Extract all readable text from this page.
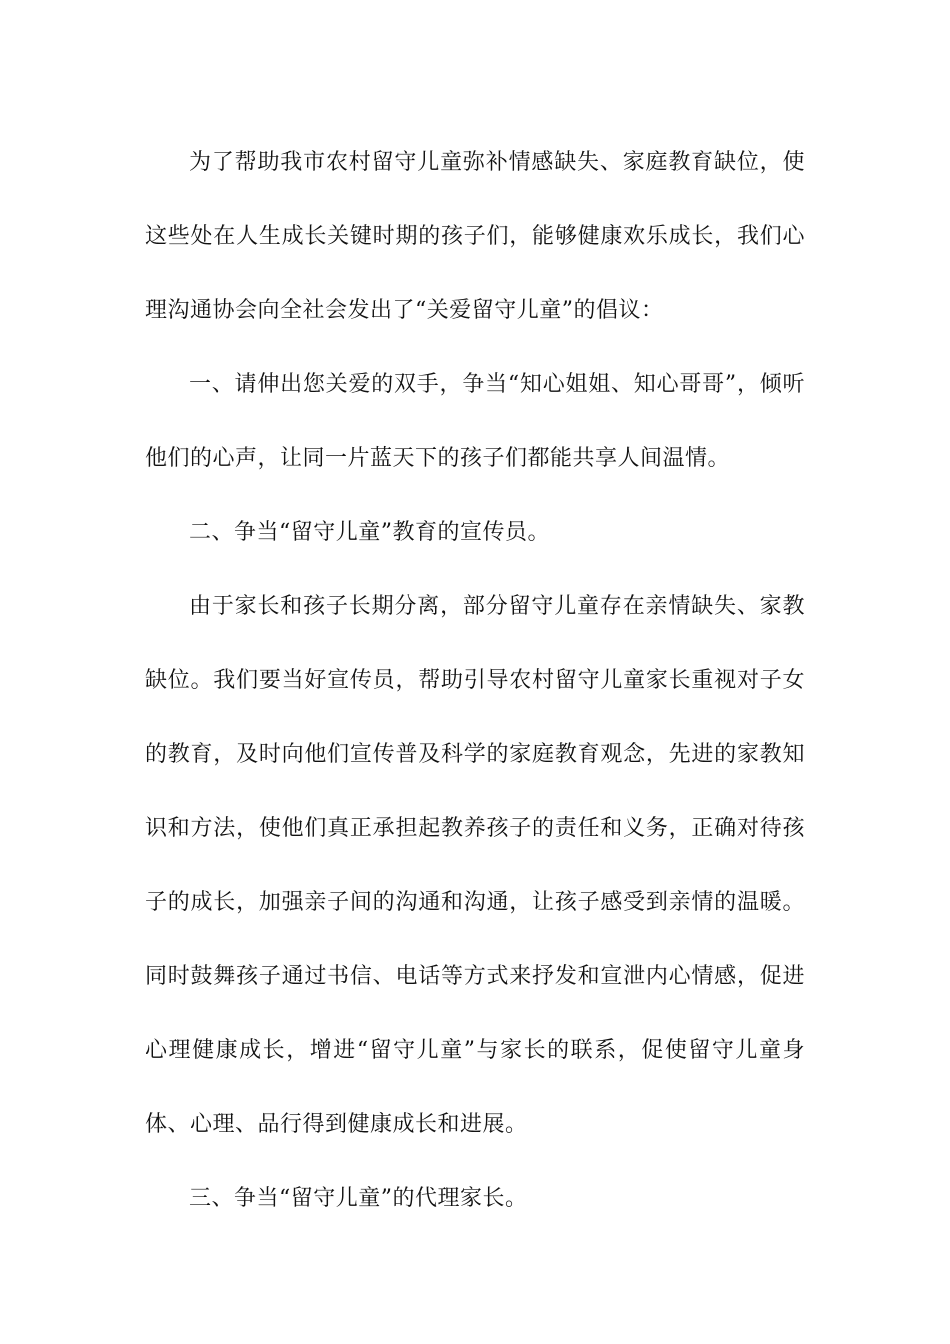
为了帮助我市农村留守儿童弥补情感缺失、家庭教育缺位，使这些处在人生成长关键时期的孩子们，能够健康欢乐成长，我们心理沟通协会向全社会发出了“关爱留守儿童”的倡议：

一、请伸出您关爱的双手，争当“知心姐姐、知心哥哥”，倾听他们的心声，让同一片蓝天下的孩子们都能共享人间温情。

二、争当“留守儿童”教育的宣传员。

由于家长和孩子长期分离，部分留守儿童存在亲情缺失、家教缺位。我们要当好宣传员，帮助引导农村留守儿童家长重视对子女的教育，及时向他们宣传普及科学的家庭教育观念，先进的家教知识和方法，使他们真正承担起教养孩子的责任和义务，正确对待孩子的成长，加强亲子间的沟通和沟通，让孩子感受到亲情的温暖。同时鼓舞孩子通过书信、电话等方式来抒发和宣泄内心情感，促进心理健康成长，增进“留守儿童”与家长的联系，促使留守儿童身体、心理、品行得到健康成长和进展。

三、争当“留守儿童”的代理家长。
